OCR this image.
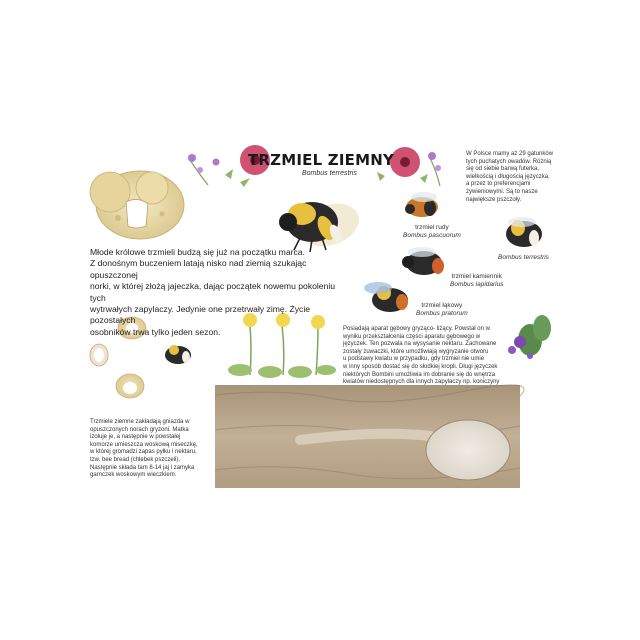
TRZMIEL ZIEMNY
Bombus terrestris
Młode królowe trzmieli budzą się już na początku marca.
Z donośnym buczeniem latają nisko nad ziemią szukając opuszczonej
norki, w której złożą jajeczka, dając początek nowemu pokoleniu tych
wytrwałych zapylaczy. Jedynie one przetrwały zimę. Życie pozostałych
osobników trwa tylko jeden sezon.
W Polsce mamy aż 29 gatunków
tych puchatych owadów. Różnią
się od siebie barwą futerka,
wielkością i długością języczka,
a przez to preferencjami
żywieniowymi. Są to nasze
największe pszczoły.
trzmiel rudy
Bombus pascuorum
Bombus terrestris
trzmiel kamiennik
Bombus lapidarius
trzmiel łąkowy
Bombus pratorum
Posiadają aparat gębowy gryząco- liżący. Powstał on w
wyniku przekształcenia części aparatu gębowego w
języczek. Ten pozwala na wysysanie nektaru. Zachowane
zostały żuwaczki, które umożliwiają wygryzanie otworu
u podstawy kwiatu w przypadku, gdy trzmiel nie umie
w inny sposób dostać się do słodkiej kropli. Długi języczek
niektórych Bombini umożliwia im dobranie się do wnętrza
kwiatów niedostępnych dla innych zapylaczy np. koniczyny
Trzmiele ziemne zakładają gniazda w
opuszczonych norach gryzoni. Matka
izoluje je, a następnie w powstałej
komorze umieszcza woskową miseczkę,
w której gromadzi zapas pyłku i nektaru,
tzw. bee bread (chlebek pszczeli).
Następnie składa tam 8-14 jaj i zamyka
garnczek woskowym wieczkiem.
